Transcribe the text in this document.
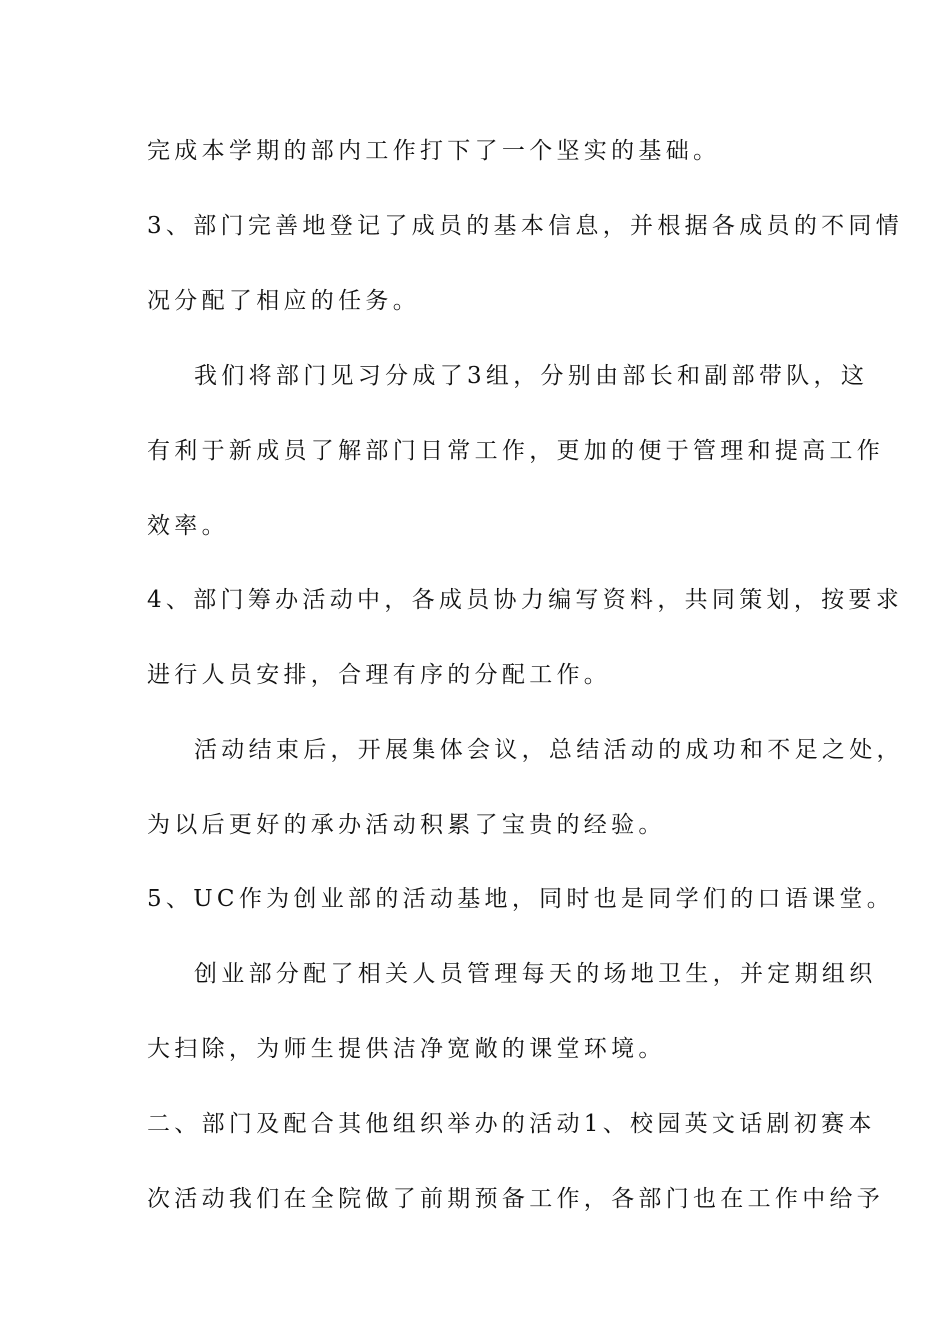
完成本学期的部内工作打下了一个坚实的基础。
3、部门完善地登记了成员的基本信息，并根据各成员的不同情
况分配了相应的任务。
我们将部门见习分成了3组，分别由部长和副部带队，这
有利于新成员了解部门日常工作，更加的便于管理和提高工作
效率。
4、部门筹办活动中，各成员协力编写资料，共同策划，按要求
进行人员安排，合理有序的分配工作。
活动结束后，开展集体会议，总结活动的成功和不足之处，
为以后更好的承办活动积累了宝贵的经验。
5、UC作为创业部的活动基地，同时也是同学们的口语课堂。
创业部分配了相关人员管理每天的场地卫生，并定期组织
大扫除，为师生提供洁净宽敞的课堂环境。
二、部门及配合其他组织举办的活动1、校园英文话剧初赛本
次活动我们在全院做了前期预备工作，各部门也在工作中给予
